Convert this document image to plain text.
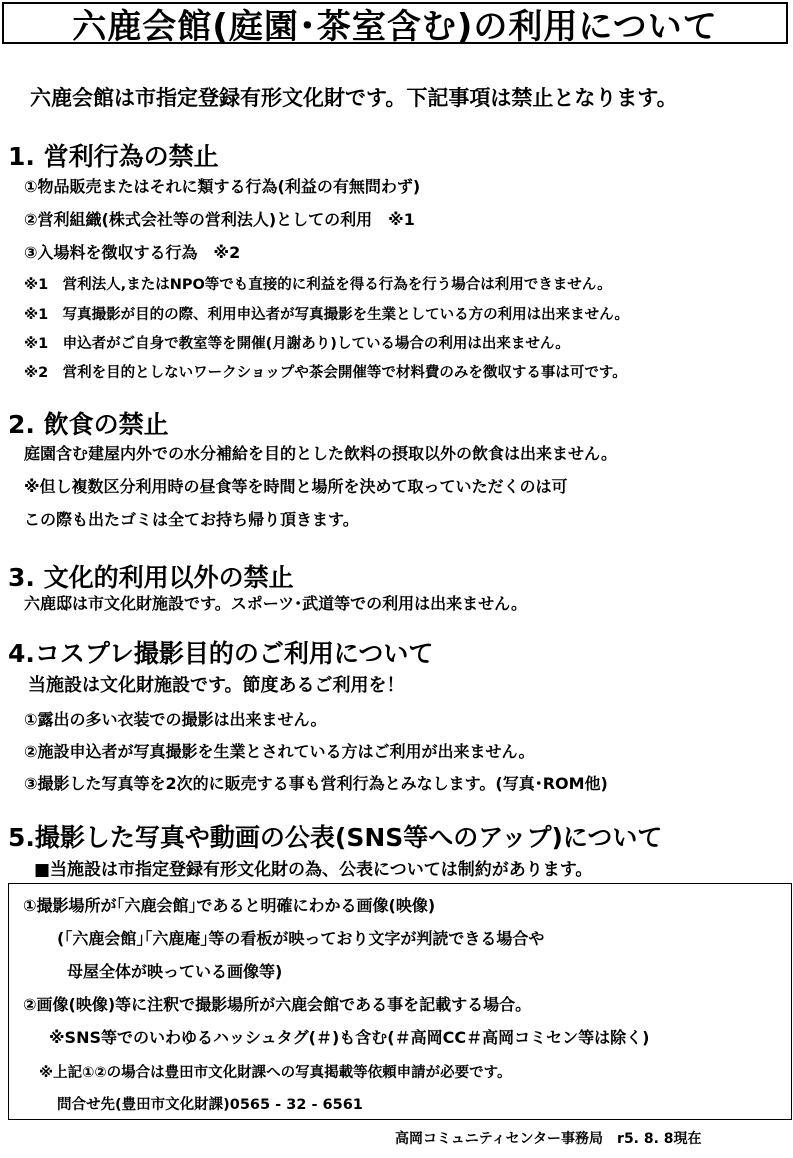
六鹿会館(庭園･茶室含む)の利用について
六鹿会館は市指定登録有形文化財です。下記事項は禁止となります。
1. 営利行為の禁止
①物品販売またはそれに類する行為(利益の有無問わず)
②営利組織(株式会社等の営利法人)としての利用　※1
③入場料を徴収する行為　※2
※1　営利法人,またはNPO等でも直接的に利益を得る行為を行う場合は利用できません。
※1　写真撮影が目的の際、利用申込者が写真撮影を生業としている方の利用は出来ません。
※1　申込者がご自身で教室等を開催(月謝あり)している場合の利用は出来ません。
※2　営利を目的としないワークショップや茶会開催等で材料費のみを徴収する事は可です。
2. 飲食の禁止
庭園含む建屋内外での水分補給を目的とした飲料の摂取以外の飲食は出来ません。
※但し複数区分利用時の昼食等を時間と場所を決めて取っていただくのは可
この際も出たゴミは全てお持ち帰り頂きます。
3. 文化的利用以外の禁止
六鹿邸は市文化財施設です。スポーツ･武道等での利用は出来ません。
4.コスプレ撮影目的のご利用について
当施設は文化財施設です。節度あるご利用を！
①露出の多い衣装での撮影は出来ません。
②施設申込者が写真撮影を生業とされている方はご利用が出来ません。
③撮影した写真等を2次的に販売する事も営利行為とみなします。(写真･ROM他)
5.撮影した写真や動画の公表(SNS等へのアップ)について
■当施設は市指定登録有形文化財の為、公表については制約があります。
①撮影場所が｢六鹿会館｣であると明確にわかる画像(映像)
(｢六鹿会館｣｢六鹿庵｣等の看板が映っており文字が判読できる場合や
母屋全体が映っている画像等)
②画像(映像)等に注釈で撮影場所が六鹿会館である事を記載する場合。
※SNS等でのいわゆるハッシュタグ(＃)も含む(＃高岡CC＃高岡コミセン等は除く)
※上記①②の場合は豊田市文化財課への写真掲載等依頼申請が必要です。
問合せ先(豊田市文化財課)0565 - 32 - 6561
高岡コミュニティセンター事務局　r5. 8. 8現在
